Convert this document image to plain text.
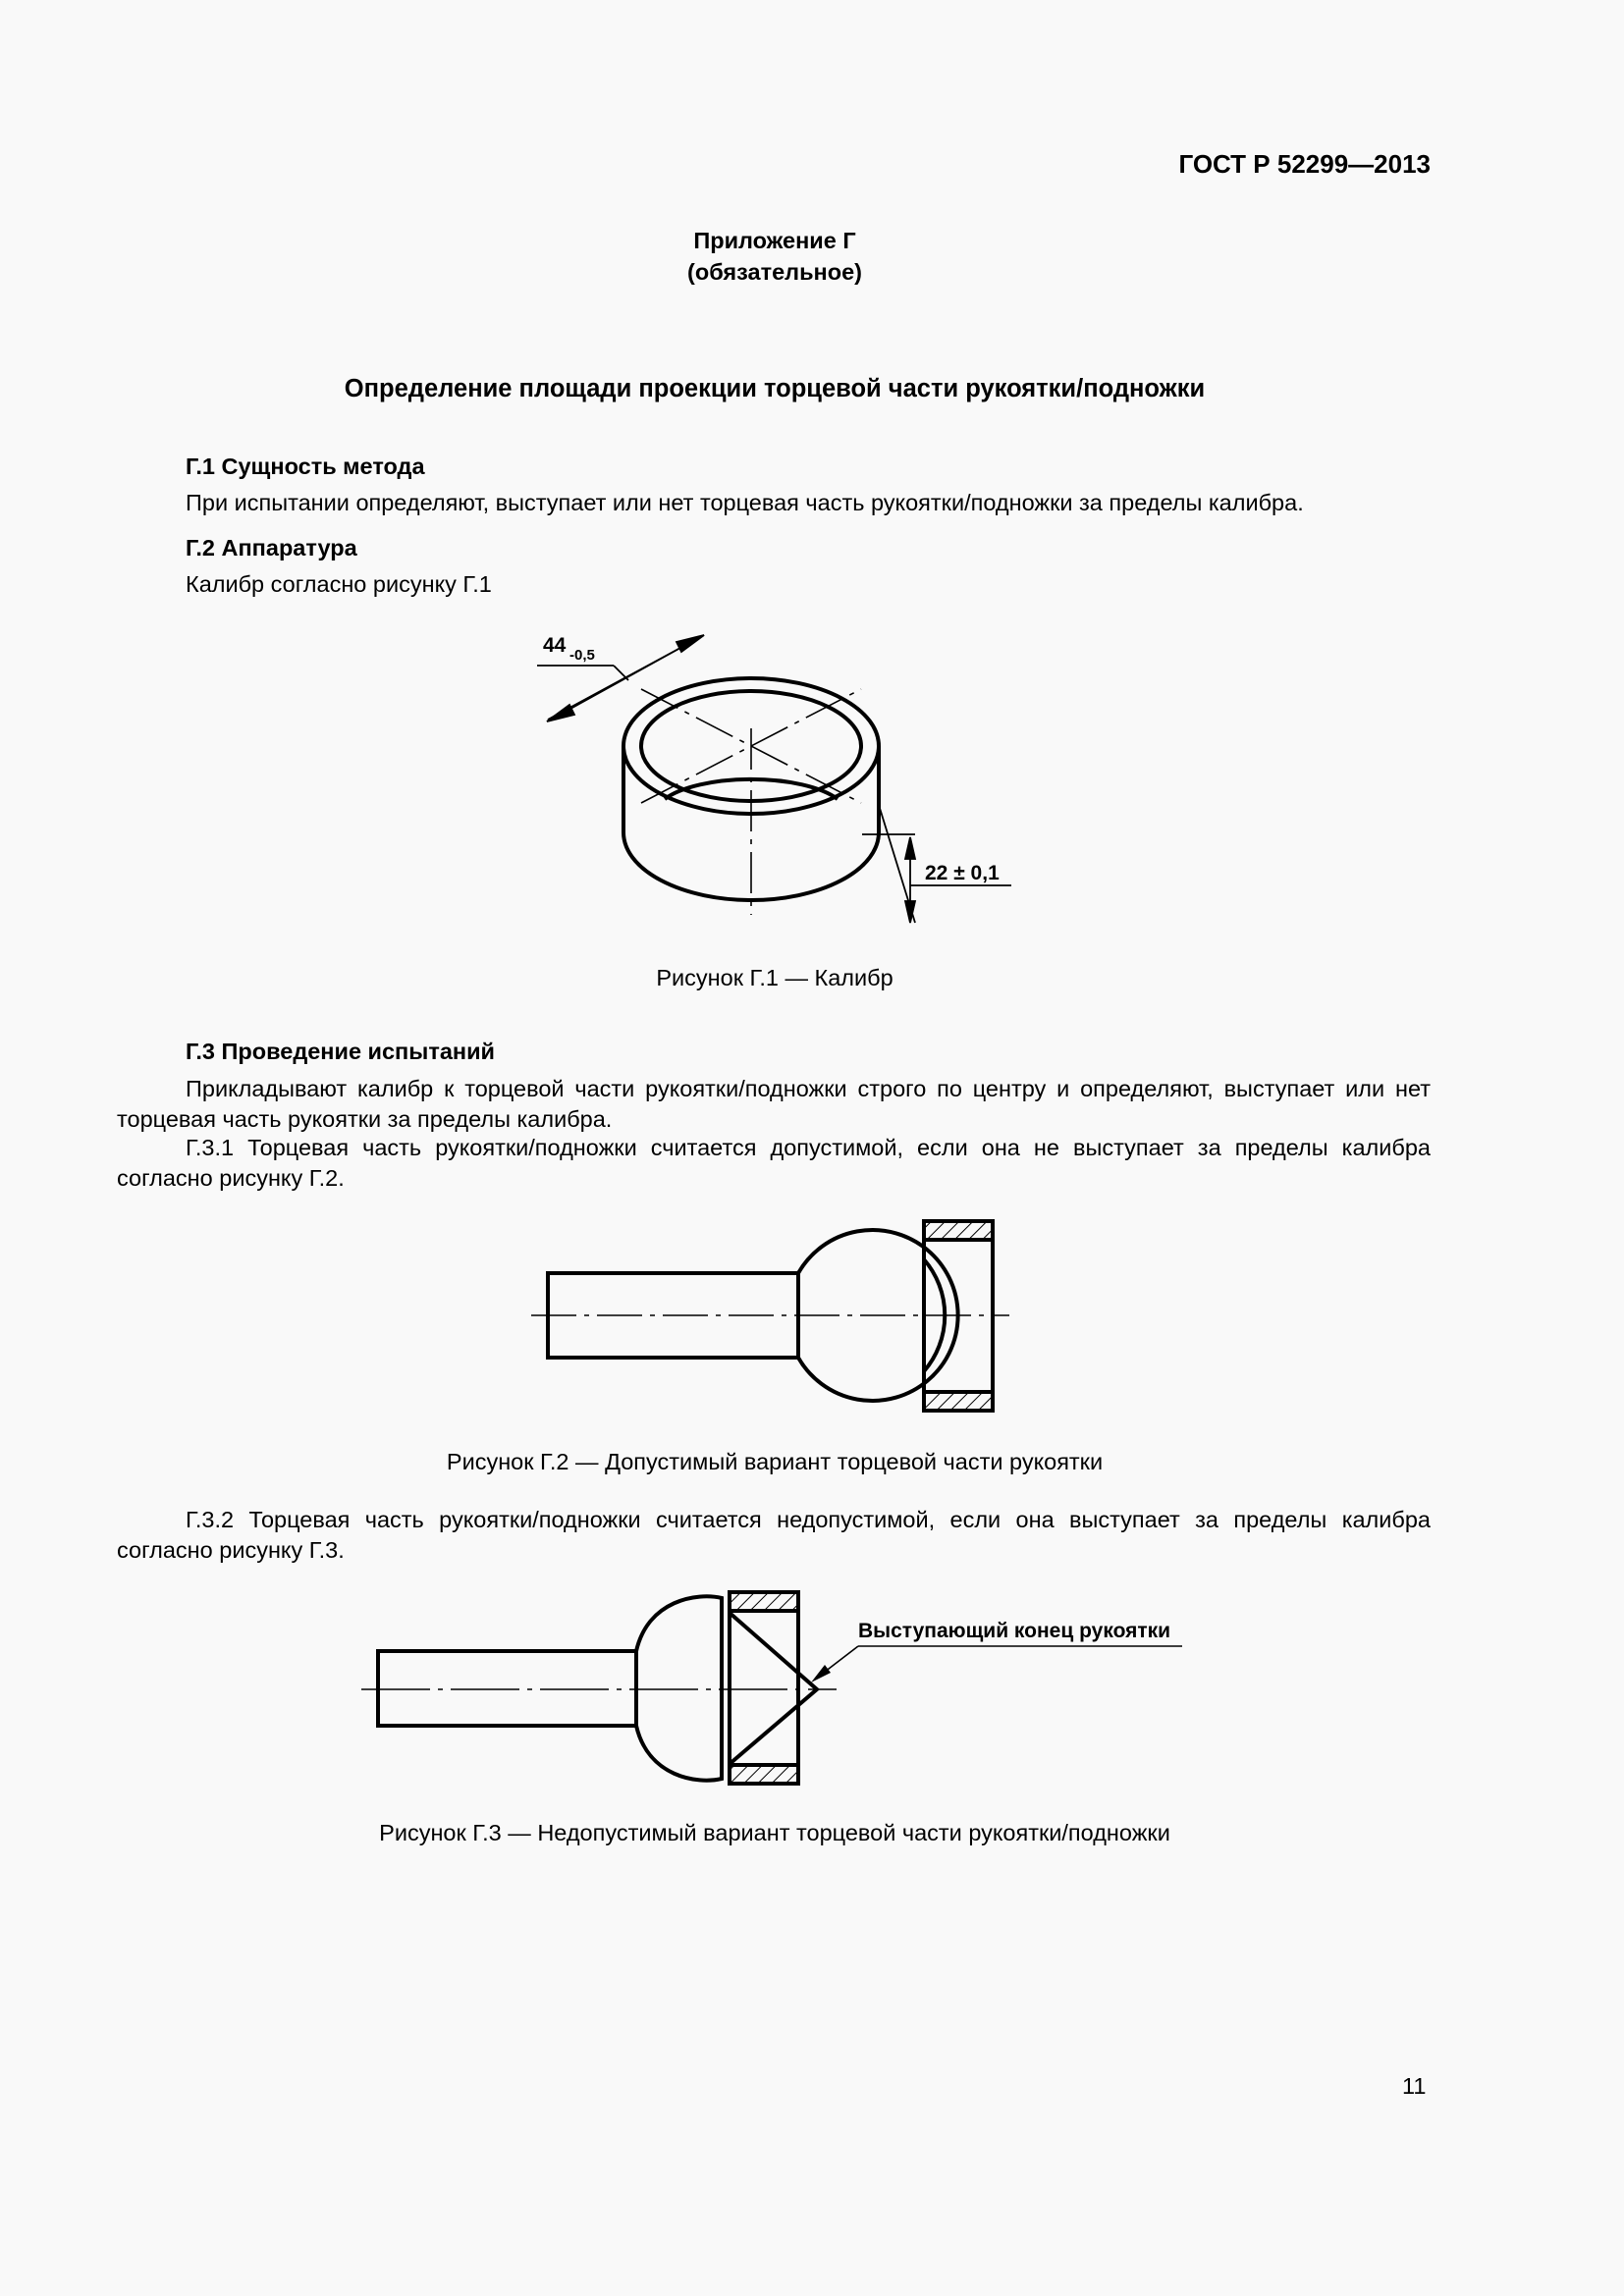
ГОСТ Р 52299—2013
Приложение Г
(обязательное)
Определение площади проекции торцевой части рукоятки/подножки
Г.1 Сущность метода
При испытании определяют, выступает или нет торцевая часть рукоятки/подножки за пределы калибра.
Г.2 Аппаратура
Калибр согласно рисунку Г.1
44 -0,5
22 ± 0,1
Рисунок Г.1 — Калибр
Г.3 Проведение испытаний
Прикладывают калибр к торцевой части рукоятки/подножки строго по центру и определяют, выступает или нет торцевая часть рукоятки за пределы калибра.
Г.3.1 Торцевая часть рукоятки/подножки считается допустимой, если она не выступает за пределы калибра согласно рисунку Г.2.
Рисунок Г.2 — Допустимый вариант торцевой части рукоятки
Г.3.2 Торцевая часть рукоятки/подножки считается недопустимой, если она выступает за пределы калибра согласно рисунку Г.3.
Выступающий конец рукоятки
Рисунок Г.3 — Недопустимый вариант торцевой части рукоятки/подножки
11
